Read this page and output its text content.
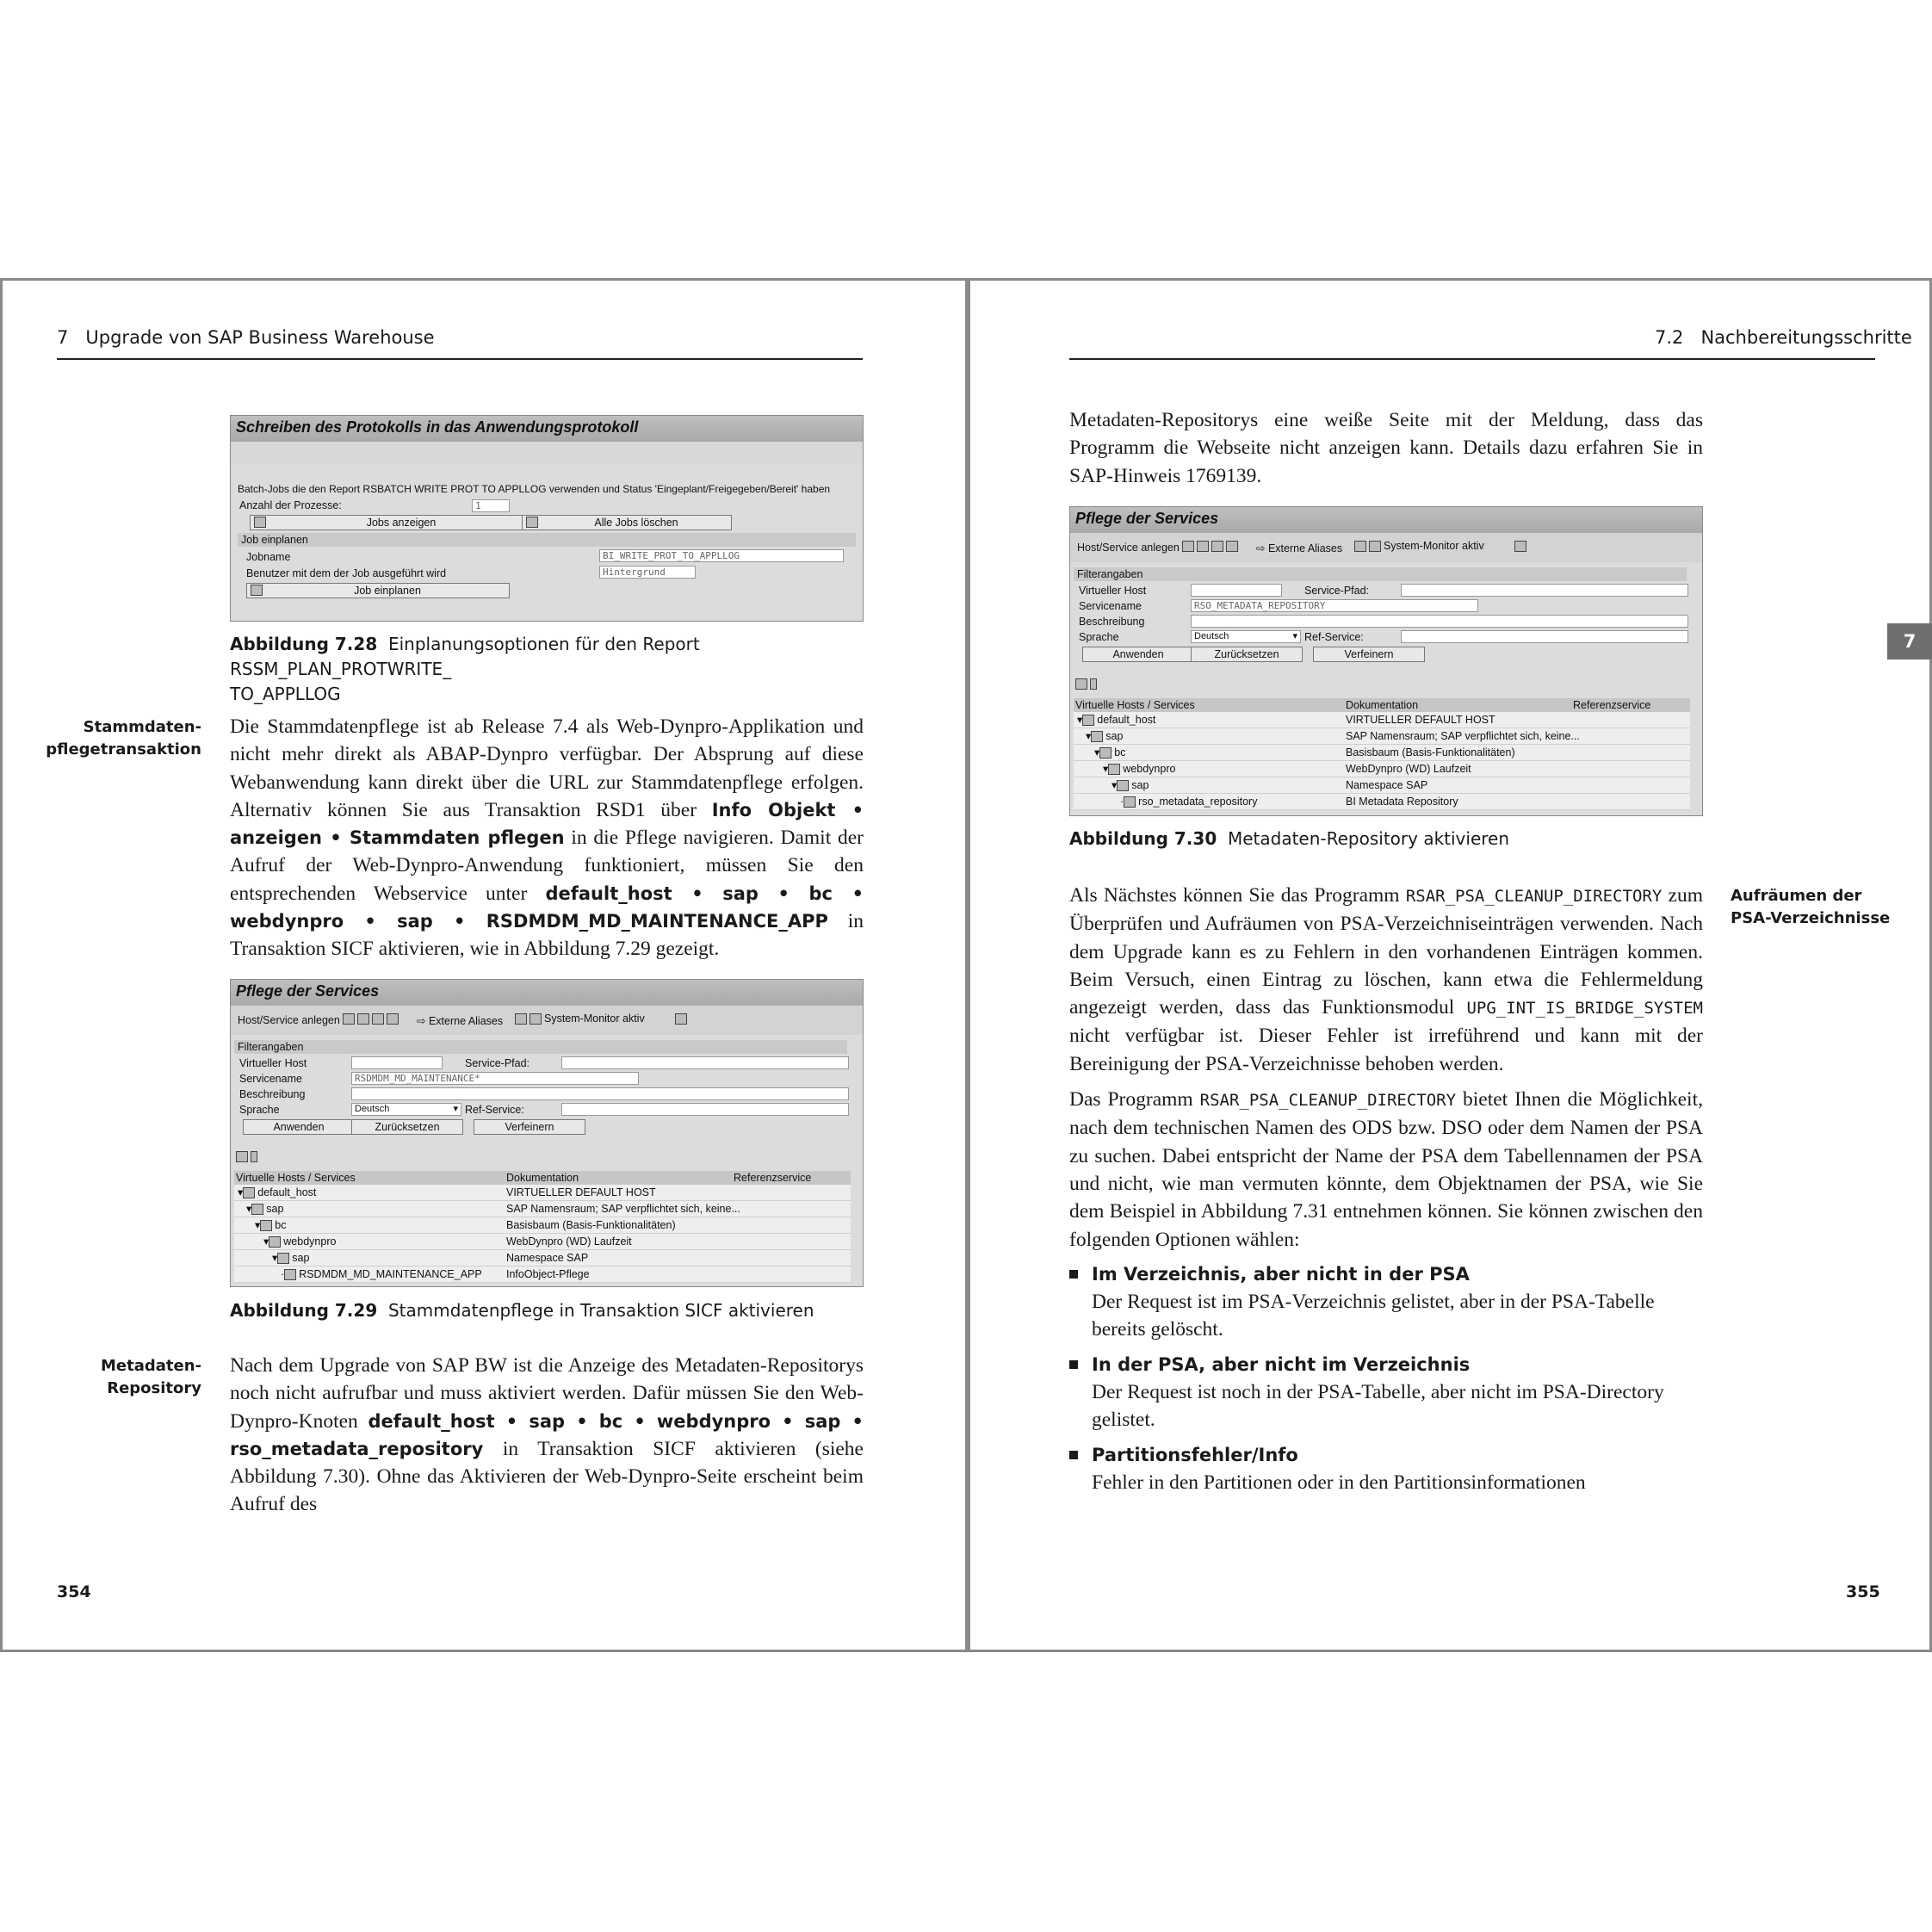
7 Upgrade von SAP Business Warehouse
Schreiben des Protokolls in das Anwendungsprotokoll
Batch-Jobs die den Report RSBATCH WRITE PROT TO APPLLOG verwenden und Status 'Eingeplant/Freigegeben/Bereit' haben
Anzahl der Prozesse:	1
Jobs anzeigen	Alle Jobs löschen
Job einplanen
Jobname	BI_WRITE_PROT_TO_APPLLOG
Benutzer mit dem der Job ausgeführt wird	Hintergrund
Job einplanen
Abbildung 7.28 Einplanungsoptionen für den Report RSSM_PLAN_PROTWRITE_
TO_APPLLOG
Stammdaten-
pflegetransaktion

Die Stammdatenpflege ist ab Release 7.4 als Web-Dynpro-Applikation und nicht mehr direkt als ABAP-Dynpro verfügbar. Der Absprung auf diese Webanwendung kann direkt über die URL zur Stammdatenpflege erfolgen. Alternativ können Sie aus Transaktion RSD1 über Info Objekt • anzeigen • Stammdaten pflegen in die Pflege navigieren. Damit der Aufruf der Web-Dynpro-Anwendung funktioniert, müssen Sie den entsprechenden Webservice unter default_host • sap • bc • webdynpro • sap • RSDMDM_MD_MAINTENANCE_APP in Transaktion SICF aktivieren, wie in Abbildung 7.29 gezeigt.

Pflege der Services
Host/Service anlegen	⇨ Externe Aliases	System-Monitor aktiv
Filterangaben
Virtueller Host	Service-Pfad:
Servicename	RSDMDM_MD_MAINTENANCE*
Beschreibung
Sprache	Deutsch	▾ Ref-Service:
Anwenden	Zurücksetzen	Verfeinern
Virtuelle Hosts / Services	Dokumentation	Referenzservice
▾ default_host	VIRTUELLER DEFAULT HOST
▾ sap	SAP Namensraum; SAP verpflichtet sich, keine...
▾ bc	Basisbaum (Basis-Funktionalitäten)
▾ webdynpro	WebDynpro (WD) Laufzeit
▾ sap	Namespace SAP
· RSDMDM_MD_MAINTENANCE_APP InfoObject-Pflege
Abbildung 7.29 Stammdatenpflege in Transaktion SICF aktivieren
Metadaten-
Repository

Nach dem Upgrade von SAP BW ist die Anzeige des Metadaten-Repositorys noch nicht aufrufbar und muss aktiviert werden. Dafür müssen Sie den Web-Dynpro-Knoten default_host • sap • bc • webdynpro • sap • rso_metadata_repository in Transaktion SICF aktivieren (siehe Abbildung 7.30). Ohne das Aktivieren der Web-Dynpro-Seite erscheint beim Aufruf des

354
7.2 Nachbereitungsschritte
7

Metadaten-Repositorys eine weiße Seite mit der Meldung, dass das Programm die Webseite nicht anzeigen kann. Details dazu erfahren Sie in SAP-Hinweis 1769139.

Pflege der Services
Host/Service anlegen	⇨ Externe Aliases	System-Monitor aktiv
Filterangaben
Virtueller Host	Service-Pfad:
Servicename	RSO_METADATA_REPOSITORY
Beschreibung
Sprache	Deutsch	▾ Ref-Service:
Anwenden	Zurücksetzen	Verfeinern
Virtuelle Hosts / Services	Dokumentation	Referenzservice
▾ default_host	VIRTUELLER DEFAULT HOST
▾ sap	SAP Namensraum; SAP verpflichtet sich, keine...
▾ bc	Basisbaum (Basis-Funktionalitäten)
▾ webdynpro	WebDynpro (WD) Laufzeit
▾ sap	Namespace SAP
· rso_metadata_repository	BI Metadata Repository
Abbildung 7.30 Metadaten-Repository aktivieren
Aufräumen der
PSA-Verzeichnisse

Als Nächstes können Sie das Programm RSAR_PSA_CLEANUP_DIRECTORY zum Überprüfen und Aufräumen von PSA-Verzeichniseinträgen verwenden. Nach dem Upgrade kann es zu Fehlern in den vorhandenen Einträgen kommen. Beim Versuch, einen Eintrag zu löschen, kann etwa die Fehlermeldung angezeigt werden, dass das Funktionsmodul UPG_INT_IS_BRIDGE_SYSTEM nicht verfügbar ist. Dieser Fehler ist irreführend und kann mit der Bereinigung der PSA-Verzeichnisse behoben werden.

Das Programm RSAR_PSA_CLEANUP_DIRECTORY bietet Ihnen die Möglichkeit, nach dem technischen Namen des ODS bzw. DSO oder dem Namen der PSA zu suchen. Dabei entspricht der Name der PSA dem Tabellennamen der PSA und nicht, wie man vermuten könnte, dem Objektnamen der PSA, wie Sie dem Beispiel in Abbildung 7.31 entnehmen können. Sie können zwischen den folgenden Optionen wählen:

Im Verzeichnis, aber nicht in der PSA
Der Request ist im PSA-Verzeichnis gelistet, aber in der PSA-Tabelle bereits gelöscht.
In der PSA, aber nicht im Verzeichnis
Der Request ist noch in der PSA-Tabelle, aber nicht im PSA-Directory gelistet.
Partitionsfehler/Info
Fehler in den Partitionen oder in den Partitionsinformationen
355
